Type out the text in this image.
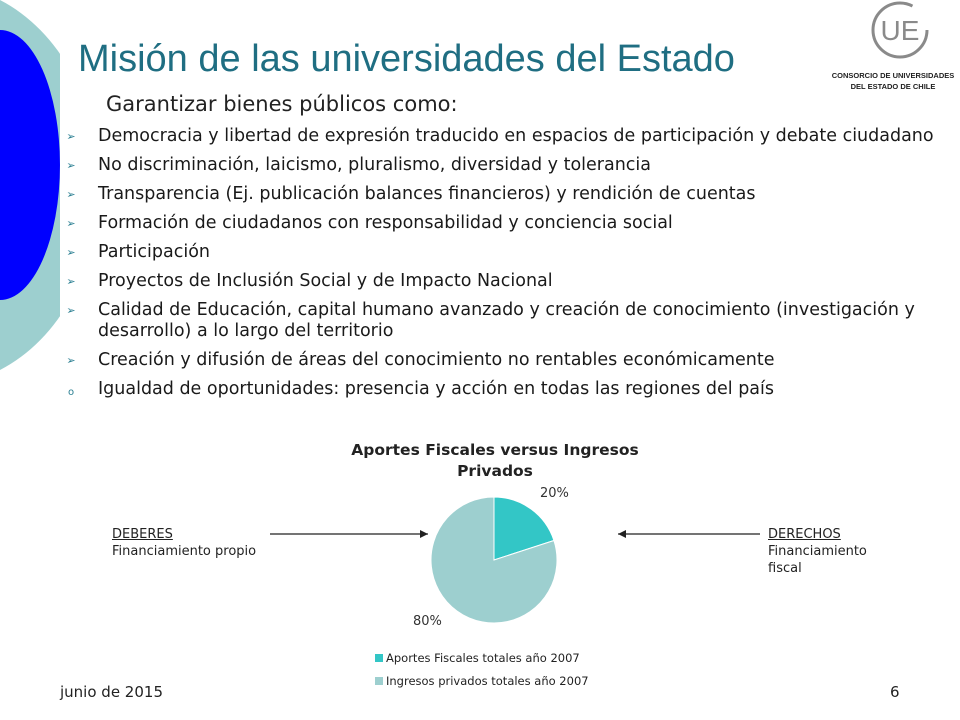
Misión de las universidades del Estado
UE
CONSORCIO DE UNIVERSIDADES
DEL ESTADO DE CHILE
Garantizar bienes públicos como:
➢ Democracia y libertad de expresión traducido en espacios de participación y debate ciudadano
➢ No discriminación, laicismo, pluralismo, diversidad y tolerancia
➢ Transparencia (Ej. publicación balances financieros) y rendición de cuentas
➢ Formación de ciudadanos con responsabilidad y conciencia social
➢ Participación
➢ Proyectos de Inclusión Social y de Impacto Nacional
➢ Calidad de Educación, capital humano avanzado y creación de conocimiento (investigación y desarrollo) a lo largo del territorio
➢ Creación y difusión de áreas del conocimiento no rentables económicamente
o Igualdad de oportunidades: presencia y acción en todas las regiones del país
Aportes Fiscales versus Ingresos
Privados
20%
80%
DEBERES
Financiamiento propio
DERECHOS
Financiamiento
fiscal
Aportes Fiscales totales año 2007
Ingresos privados totales año 2007
junio de 2015	6
